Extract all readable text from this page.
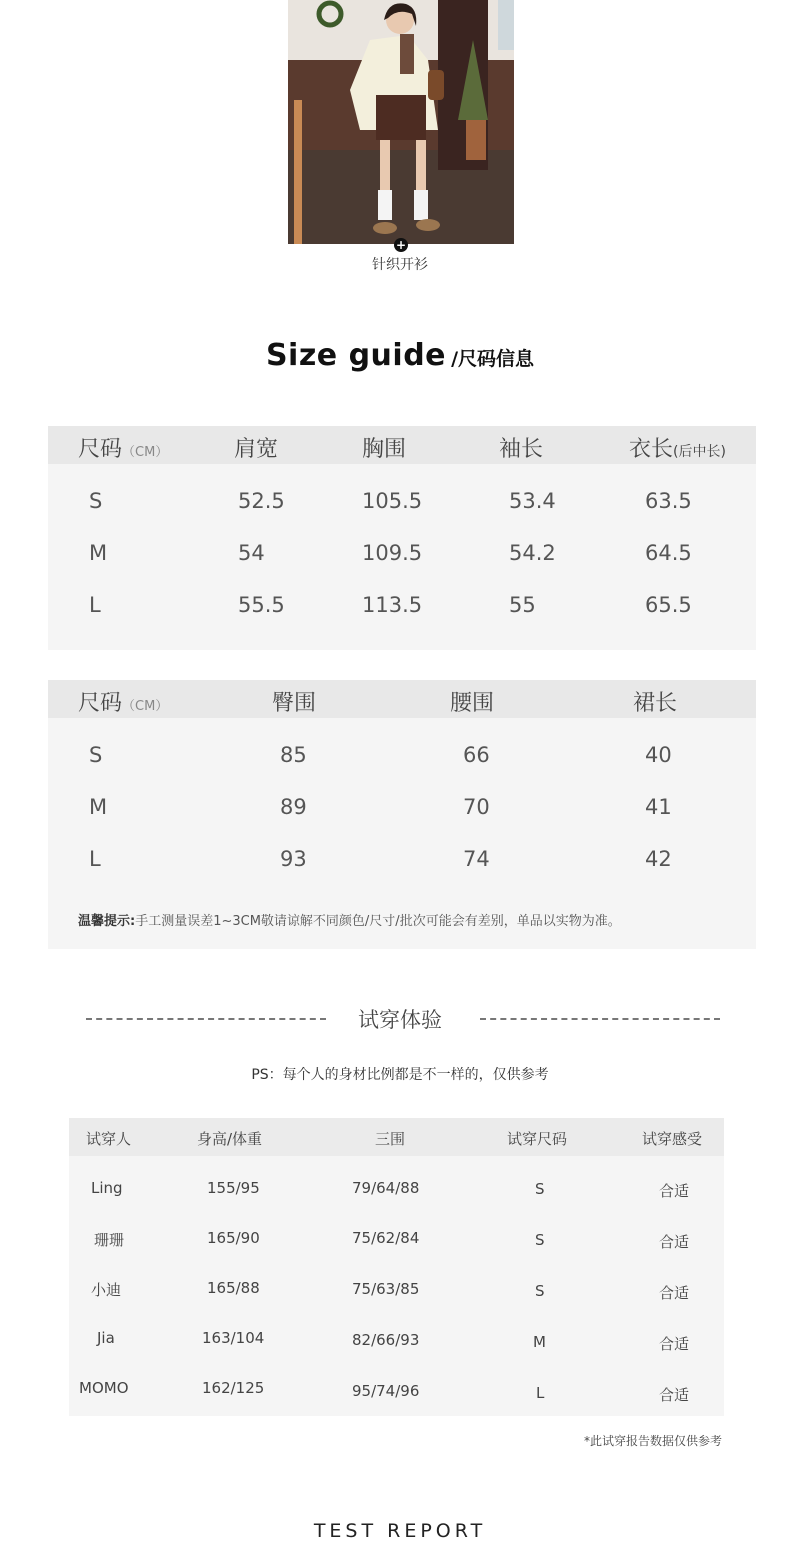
+
针织开衫
Size guide /尺码信息
尺码（CM）	肩宽	胸围	袖长	衣长(后中长)
S	52.5	105.5	53.4	63.5
M	54	109.5	54.2	64.5
L	55.5	113.5	55	65.5
尺码（CM）	臀围	腰围	裙长
S	85	66	40
M	89	70	41
L	93	74	42
温馨提示:手工测量误差1~3CM敬请谅解不同颜色/尺寸/批次可能会有差别，单品以实物为准。
试穿体验
PS：每个人的身材比例都是不一样的，仅供参考
试穿人	身高/体重	三围	试穿尺码	试穿感受
Ling	155/95	79/64/88	S	合适
珊珊	165/90	75/62/84	S	合适
小迪	165/88	75/63/85	S	合适
Jia	163/104	82/66/93	M	合适
MOMO	162/125	95/74/96	L	合适
*此试穿报告数据仅供参考
TEST REPORT
